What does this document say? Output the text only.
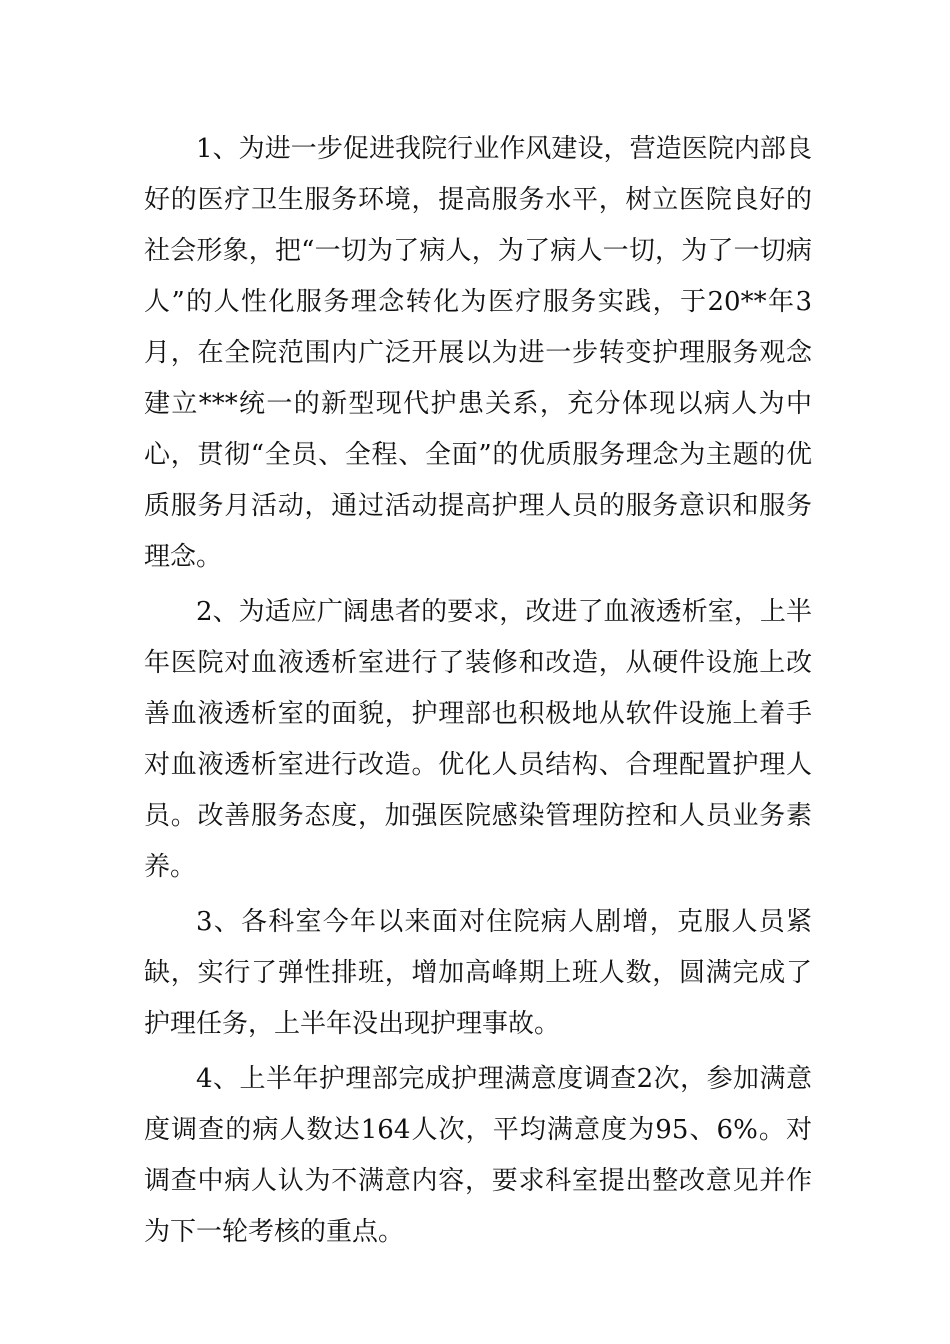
1、为进一步促进我院行业作风建设，营造医院内部良好的医疗卫生服务环境，提高服务水平，树立医院良好的社会形象，把“一切为了病人，为了病人一切，为了一切病人”的人性化服务理念转化为医疗服务实践，于20**年3月，在全院范围内广泛开展以为进一步转变护理服务观念建立***统一的新型现代护患关系，充分体现以病人为中心，贯彻“全员、全程、全面”的优质服务理念为主题的优质服务月活动，通过活动提高护理人员的服务意识和服务理念。

2、为适应广阔患者的要求，改进了血液透析室，上半年医院对血液透析室进行了装修和改造，从硬件设施上改善血液透析室的面貌，护理部也积极地从软件设施上着手对血液透析室进行改造。优化人员结构、合理配置护理人员。改善服务态度，加强医院感染管理防控和人员业务素养。

3、各科室今年以来面对住院病人剧增，克服人员紧缺，实行了弹性排班，增加高峰期上班人数，圆满完成了护理任务，上半年没出现护理事故。

4、上半年护理部完成护理满意度调查2次，参加满意度调查的病人数达164人次，平均满意度为95、6%。对调查中病人认为不满意内容，要求科室提出整改意见并作为下一轮考核的重点。
